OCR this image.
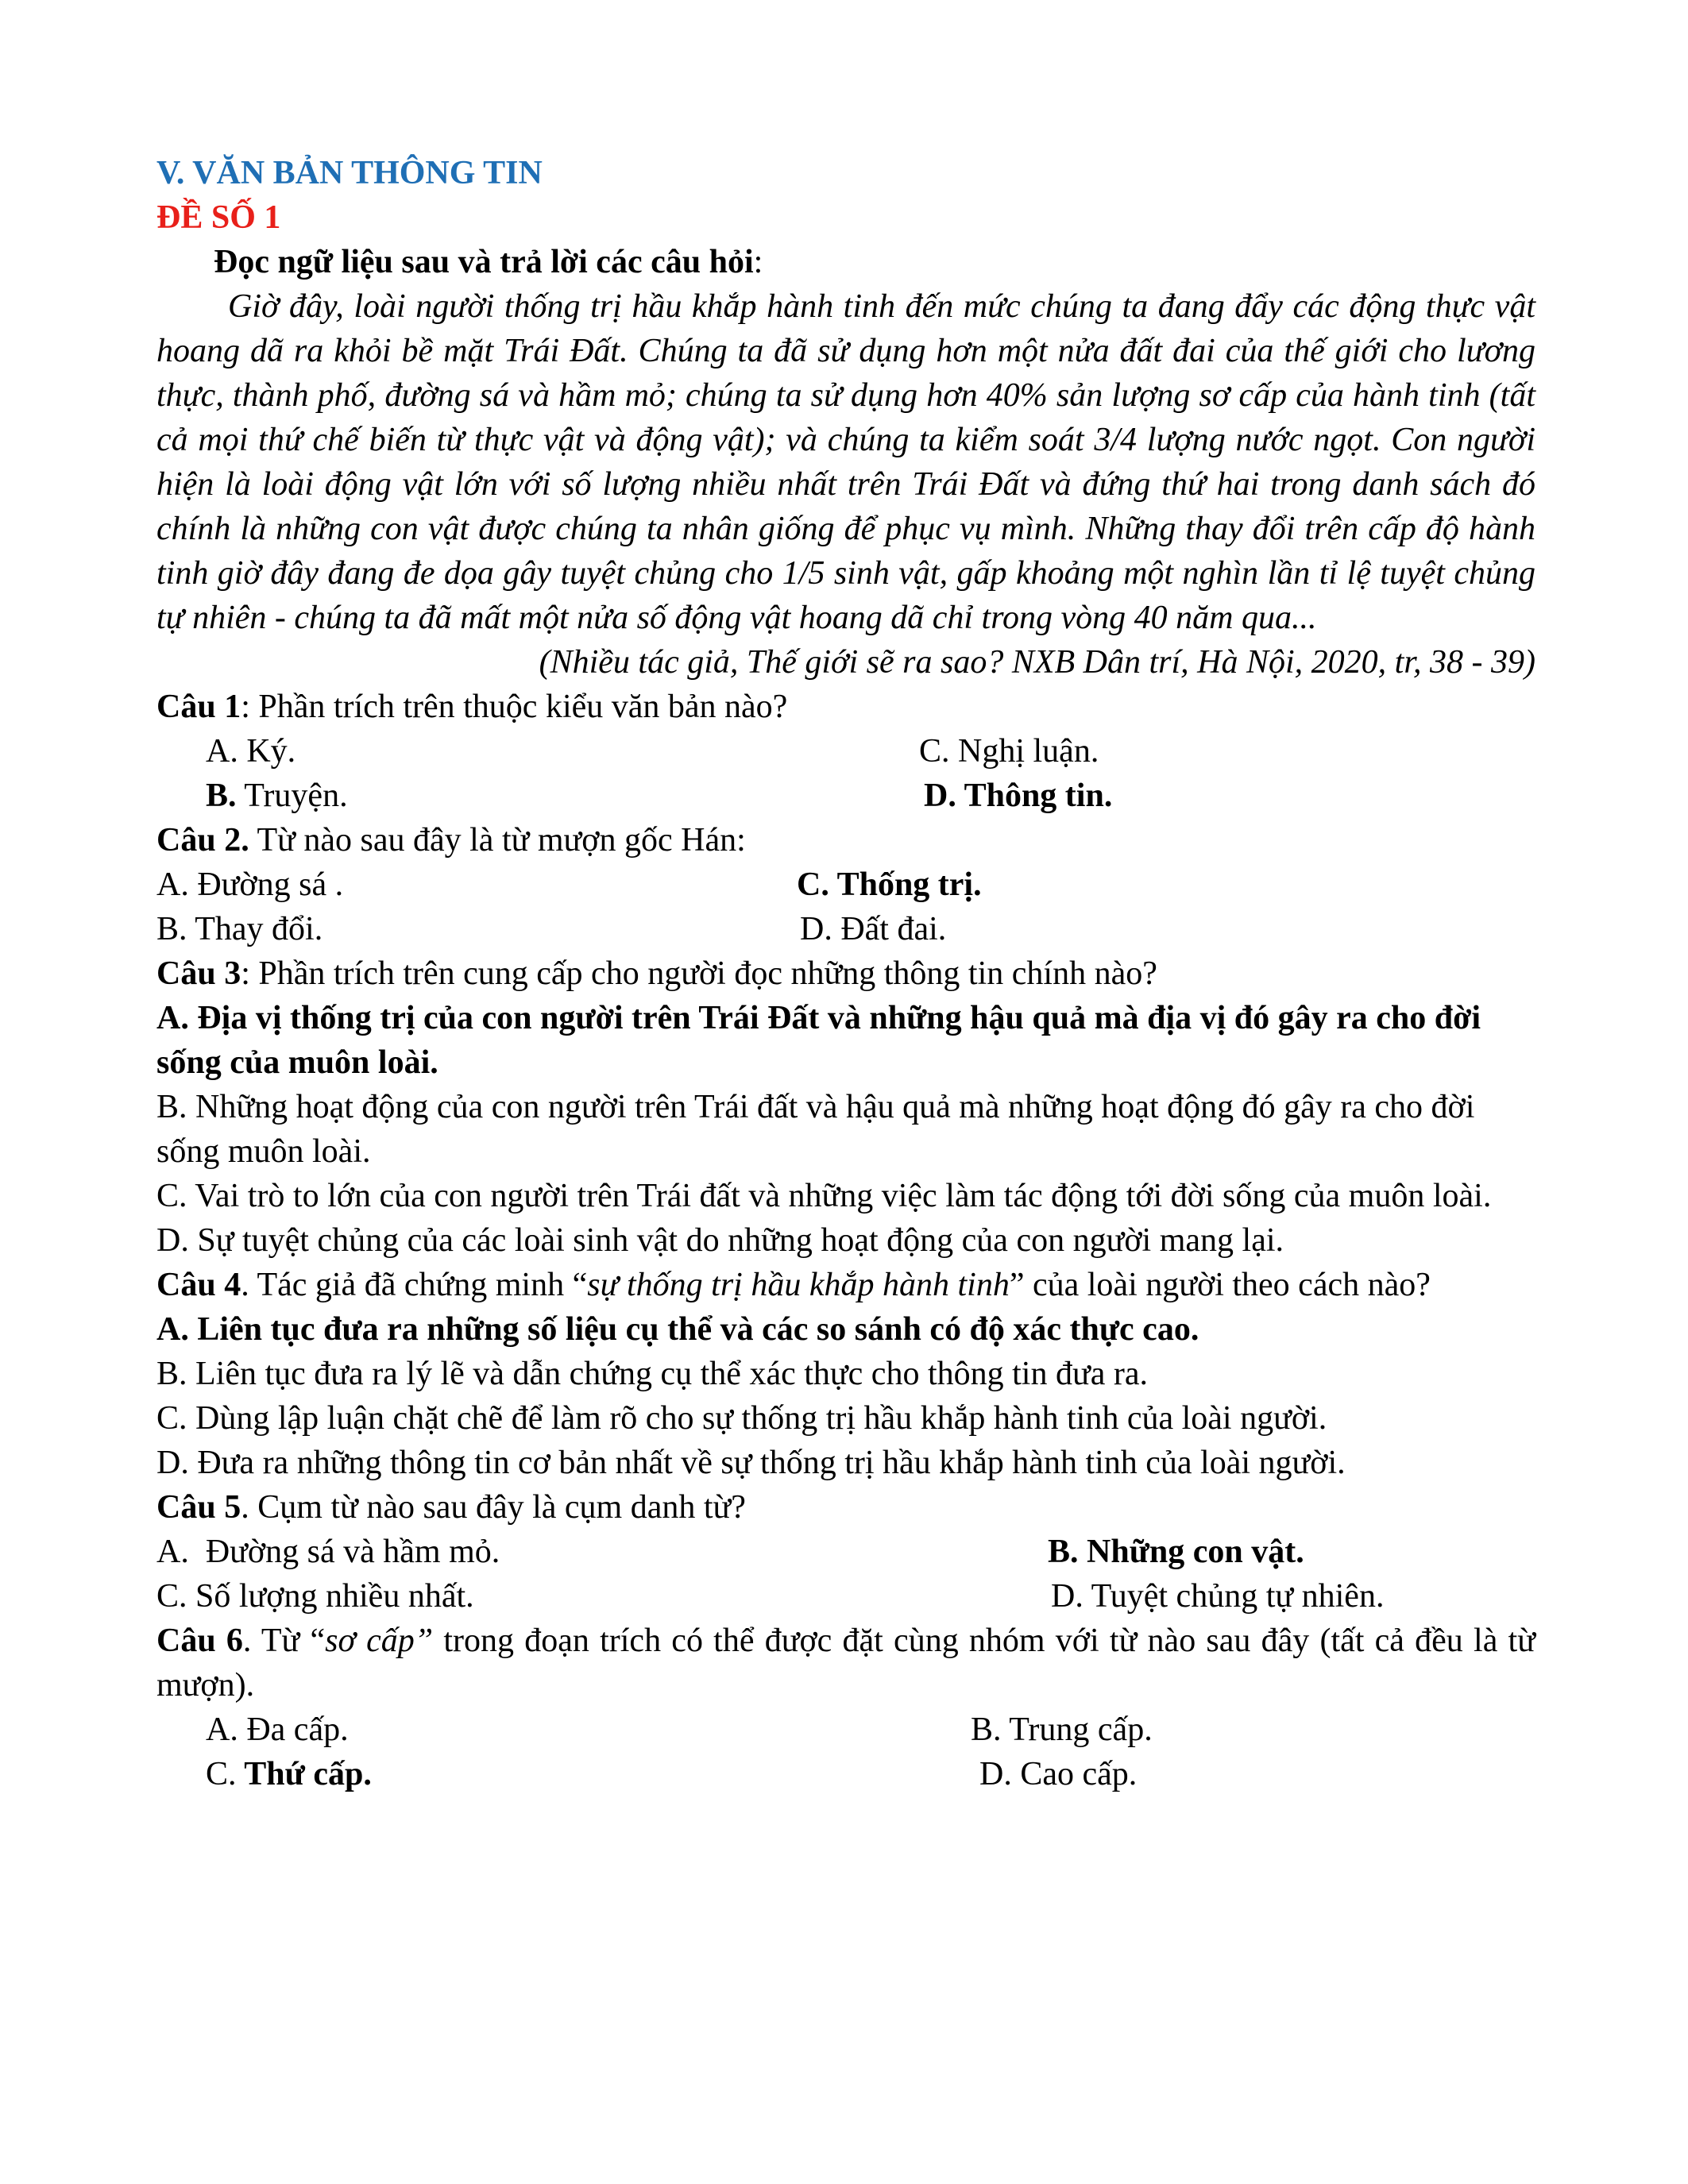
V. VĂN BẢN THÔNG TIN
ĐỀ SỐ 1
Đọc ngữ liệu sau và trả lời các câu hỏi:
Giờ đây, loài người thống trị hầu khắp hành tinh đến mức chúng ta đang đẩy các động thực vật hoang dã ra khỏi bề mặt Trái Đất. Chúng ta đã sử dụng hơn một nửa đất đai của thế giới cho lương thực, thành phố, đường sá và hầm mỏ; chúng ta sử dụng hơn 40% sản lượng sơ cấp của hành tinh (tất cả mọi thứ chế biến từ thực vật và động vật); và chúng ta kiểm soát 3/4 lượng nước ngọt. Con người hiện là loài động vật lớn với số lượng nhiều nhất trên Trái Đất và đứng thứ hai trong danh sách đó chính là những con vật được chúng ta nhân giống để phục vụ mình. Những thay đổi trên cấp độ hành tinh giờ đây đang đe dọa gây tuyệt chủng cho 1/5 sinh vật, gấp khoảng một nghìn lần tỉ lệ tuyệt chủng tự nhiên - chúng ta đã mất một nửa số động vật hoang dã chỉ trong vòng 40 năm qua...
(Nhiều tác giả, Thế giới sẽ ra sao? NXB Dân trí, Hà Nội, 2020, tr, 38 - 39)
Câu 1: Phần trích trên thuộc kiểu văn bản nào?
A. Ký.	C. Nghị luận.
B. Truyện.	D. Thông tin.
Câu 2. Từ nào sau đây là từ mượn gốc Hán:
A. Đường sá .	C. Thống trị.
B. Thay đổi.	D. Đất đai.
Câu 3: Phần trích trên cung cấp cho người đọc những thông tin chính nào?
A. Địa vị thống trị của con người trên Trái Đất và những hậu quả mà địa vị đó gây ra cho đời sống của muôn loài.
B. Những hoạt động của con người trên Trái đất và hậu quả mà những hoạt động đó gây ra cho đời sống muôn loài.
C. Vai trò to lớn của con người trên Trái đất và những việc làm tác động tới đời sống của muôn loài.
D. Sự tuyệt chủng của các loài sinh vật do những hoạt động của con người mang lại.
Câu 4. Tác giả đã chứng minh “sự thống trị hầu khắp hành tinh” của loài người theo cách nào?
A. Liên tục đưa ra những số liệu cụ thể và các so sánh có độ xác thực cao.
B. Liên tục đưa ra lý lẽ và dẫn chứng cụ thể xác thực cho thông tin đưa ra.
C. Dùng lập luận chặt chẽ để làm rõ cho sự thống trị hầu khắp hành tinh của loài người.
D. Đưa ra những thông tin cơ bản nhất về sự thống trị hầu khắp hành tinh của loài người.
Câu 5. Cụm từ nào sau đây là cụm danh từ?
A.  Đường sá và hầm mỏ.	B. Những con vật.
C. Số lượng nhiều nhất.	D. Tuyệt chủng tự nhiên.
Câu 6. Từ “sơ cấp” trong đoạn trích có thể được đặt cùng nhóm với từ nào sau đây (tất cả đều là từ mượn).
A. Đa cấp.	B. Trung cấp.
C. Thứ cấp.	D. Cao cấp.
